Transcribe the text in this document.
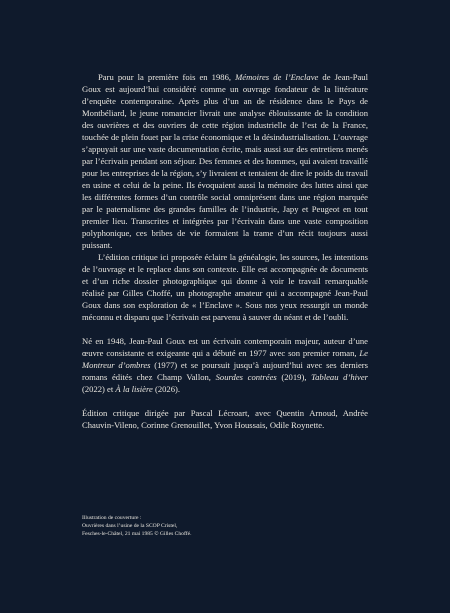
Paru pour la première fois en 1986, Mémoires de l’Enclave de Jean-Paul Goux est aujourd’hui considéré comme un ouvrage fondateur de la littérature d’enquête contemporaine. Après plus d’un an de résidence dans le Pays de Montbéliard, le jeune romancier livrait une analyse éblouissante de la condition des ouvrières et des ouvriers de cette région industrielle de l’est de la France, touchée de plein fouet par la crise économique et la désindustrialisation. L’ouvrage s’appuyait sur une vaste documentation écrite, mais aussi sur des entretiens menés par l’écrivain pendant son séjour. Des femmes et des hommes, qui avaient travaillé pour les entreprises de la région, s’y livraient et tentaient de dire le poids du travail en usine et celui de la peine. Ils évoquaient aussi la mémoire des luttes ainsi que les différentes formes d’un contrôle social omniprésent dans une région marquée par le paternalisme des grandes familles de l’industrie, Japy et Peugeot en tout premier lieu. Transcrites et intégrées par l’écrivain dans une vaste composition polyphonique, ces bribes de vie formaient la trame d’un récit toujours aussi puissant.

L’édition critique ici proposée éclaire la généalogie, les sources, les intentions de l’ouvrage et le replace dans son contexte. Elle est accompagnée de documents et d’un riche dossier photographique qui donne à voir le travail remarquable réalisé par Gilles Choffé, un photographe amateur qui a accompagné Jean-Paul Goux dans son exploration de « l’Enclave ». Sous nos yeux ressurgit un monde méconnu et disparu que l’écrivain est parvenu à sauver du néant et de l’oubli.

Né en 1948, Jean-Paul Goux est un écrivain contemporain majeur, auteur d’une œuvre consistante et exigeante qui a débuté en 1977 avec son premier roman, Le Montreur d’ombres (1977) et se poursuit jusqu’à aujourd’hui avec ses derniers romans édités chez Champ Vallon, Sourdes contrées (2019), Tableau d’hiver (2022) et À la lisière (2026).

Édition critique dirigée par Pascal Lécroart, avec Quentin Arnoud, Andrée Chauvin-Vileno, Corinne Grenouillet, Yvon Houssais, Odile Roynette.

Illustration de couverture :
Ouvrières dans l’usine de la SCOP Cristel,
Fesches-le-Châtel, 21 mai 1985 © Gilles Choffé.
